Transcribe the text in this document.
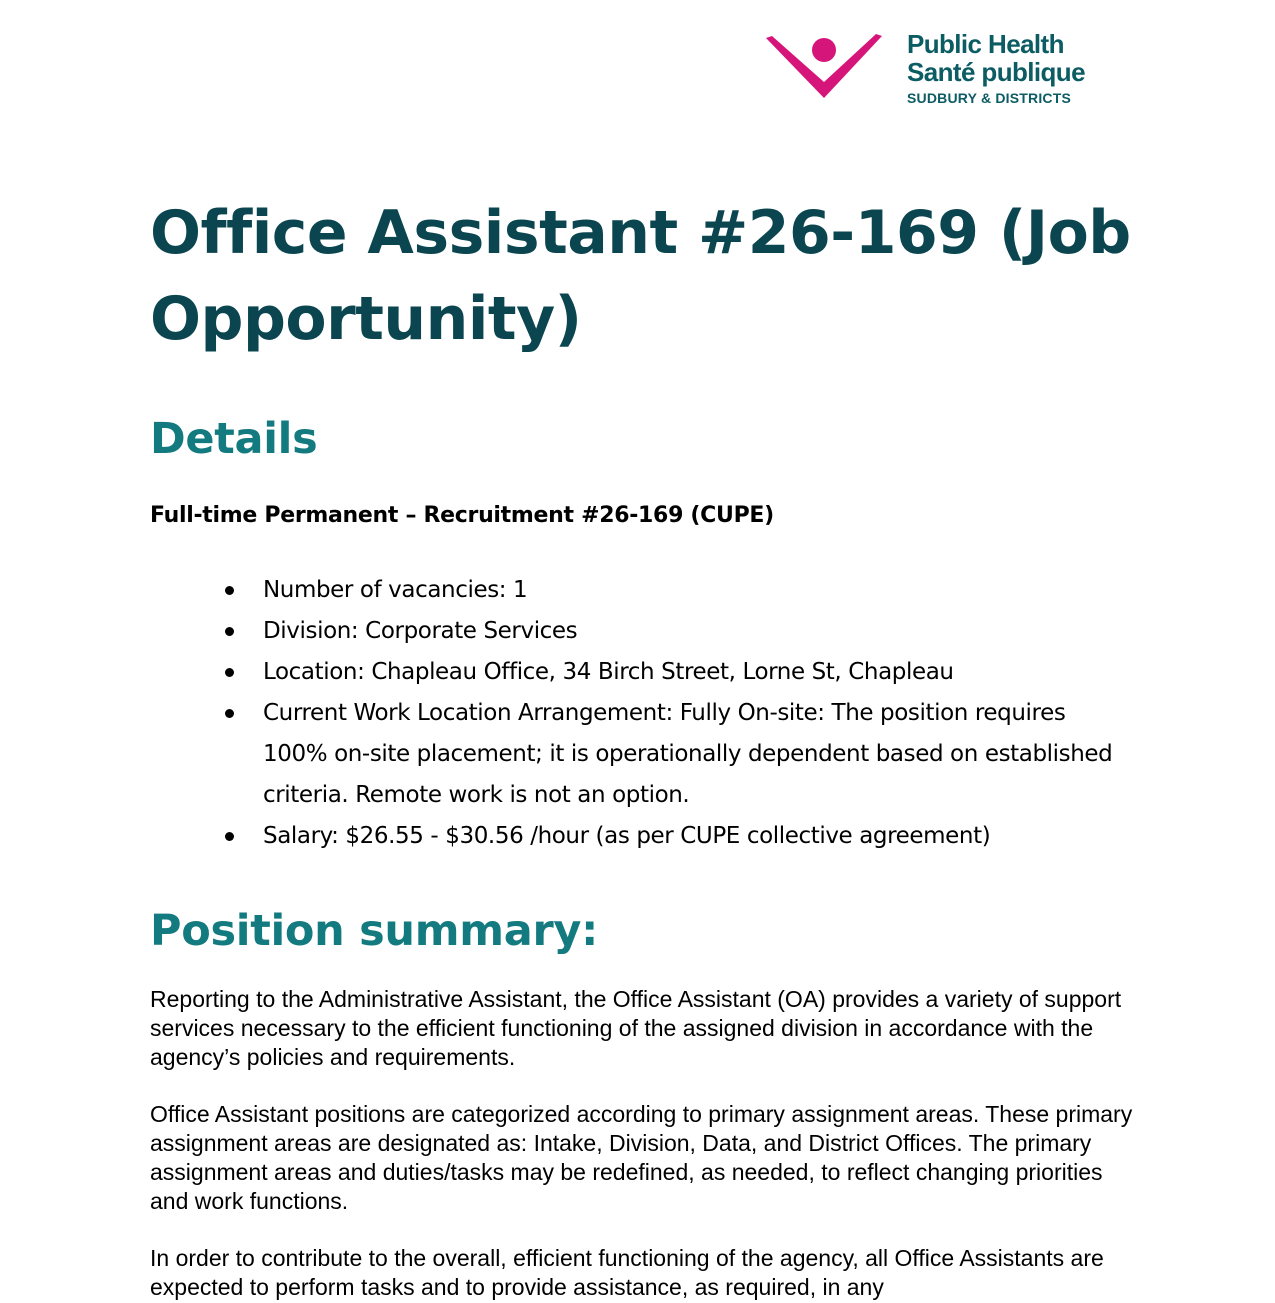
Public Health
Santé publique
SUDBURY & DISTRICTS
Office Assistant #26-169 (Job Opportunity)
Details

Full-time Permanent – Recruitment #26-169 (CUPE)

Number of vacancies: 1
Division: Corporate Services
Location: Chapleau Office, 34 Birch Street, Lorne St, Chapleau
Current Work Location Arrangement: Fully On-site: The position requires 100% on-site placement; it is operationally dependent based on established criteria. Remote work is not an option.
Salary: $26.55 - $30.56 /hour (as per CUPE collective agreement)
Position summary:

Reporting to the Administrative Assistant, the Office Assistant (OA) provides a variety of support services necessary to the efficient functioning of the assigned division in accordance with the agency’s policies and requirements.

Office Assistant positions are categorized according to primary assignment areas. These primary assignment areas are designated as: Intake, Division, Data, and District Offices. The primary assignment areas and duties/tasks may be redefined, as needed, to reflect changing priorities and work functions.

In order to contribute to the overall, efficient functioning of the agency, all Office Assistants are expected to perform tasks and to provide assistance, as required, in any
